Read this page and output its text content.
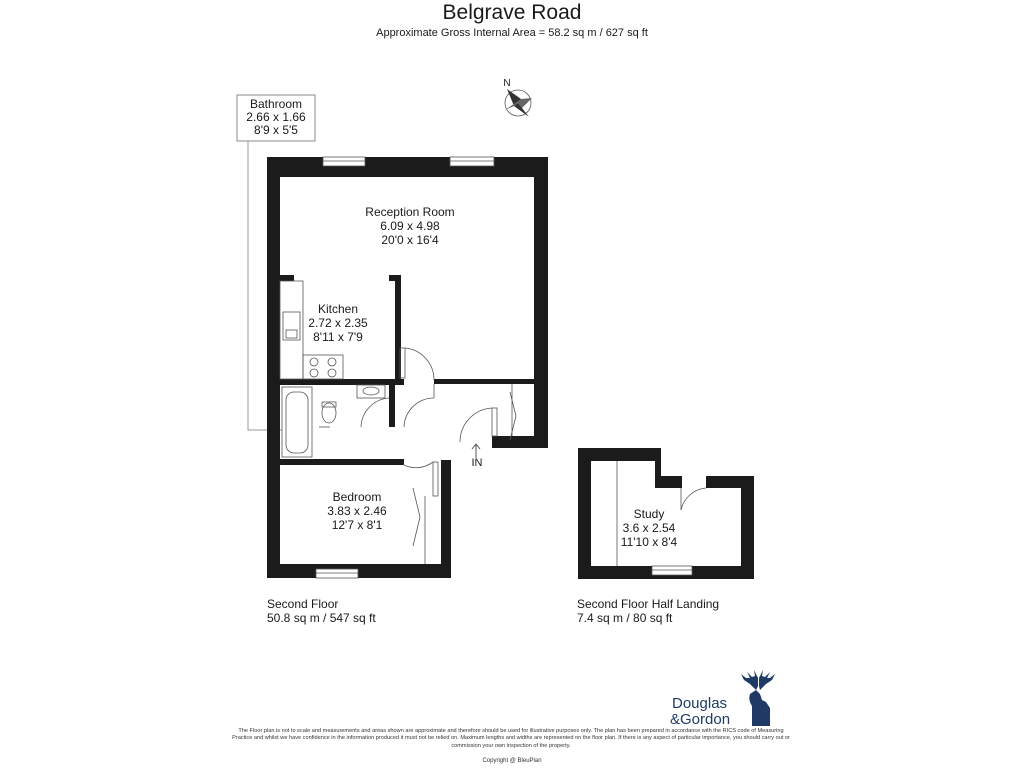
Belgrave Road
Approximate Gross Internal Area = 58.2 sq m / 627 sq ft
N
Bathroom
2.66 x 1.66
8'9 x 5'5
IN
Reception Room
6.09 x 4.98
20'0 x 16'4
Kitchen
2.72 x 2.35
8'11 x 7'9
Bedroom
3.83 x 2.46
12'7 x 8'1
Study
3.6 x 2.54
11'10 x 8'4
Second Floor
50.8 sq m / 547 sq ft
Second Floor Half Landing
7.4 sq m / 80 sq ft
Douglas
&Gordon
The Floor plan is not to scale and measurements and areas shown are approximate and therefore should be used for illustrative purposes only. The plan has been prepared in accordance with the RICS code of Measuring Practice and whilst we have confidence in the information produced it must not be relied on. Maximum lengths and widths are represented on the floor plan. If there is any aspect of particular importance, you should carry out or commission your own inspection of the property.
Copyright @ BleuPlan
